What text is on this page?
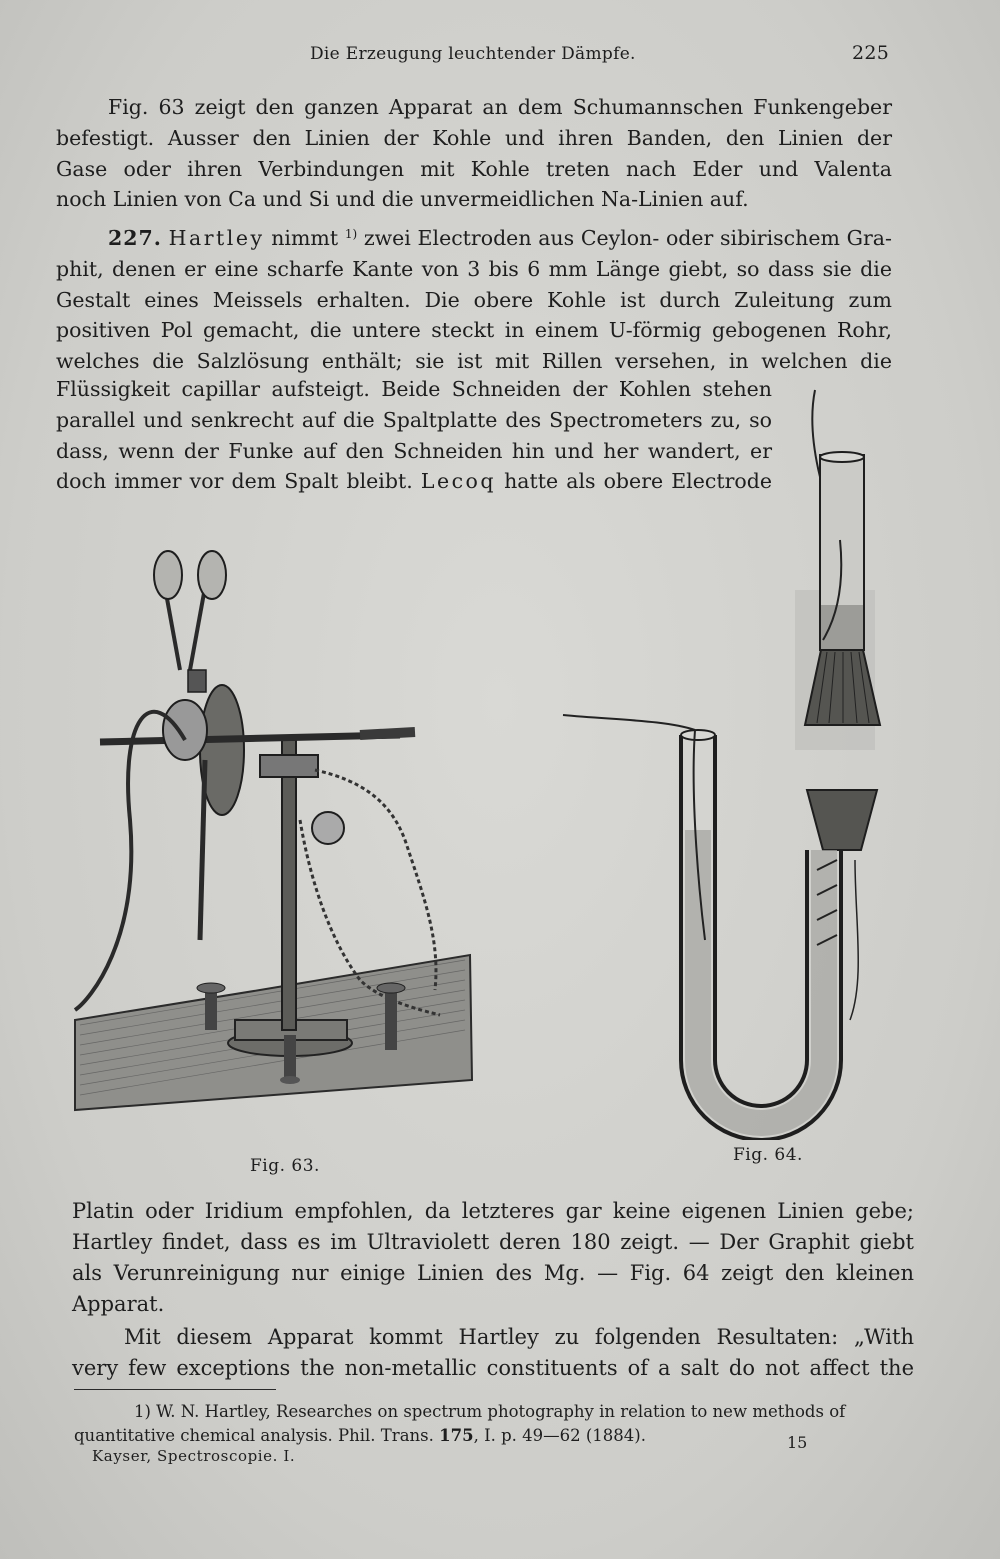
Die Erzeugung leuchtender Dämpfe.	225
Fig. 63 zeigt den ganzen Apparat an dem Schumannschen Funkengeber
befestigt. Ausser den Linien der Kohle und ihren Banden, den Linien der
Gase oder ihren Verbindungen mit Kohle treten nach Eder und Valenta
noch Linien von Ca und Si und die unvermeidlichen Na-Linien auf.
227. Hartley nimmt $^{1)}$ zwei Electroden aus Ceylon- oder sibirischem Gra-
phit, denen er eine scharfe Kante von 3 bis 6 mm Länge giebt, so dass sie die
Gestalt eines Meissels erhalten. Die obere Kohle ist durch Zuleitung zum
positiven Pol gemacht, die untere steckt in einem U-förmig gebogenen Rohr,
welches die Salzlösung enthält; sie ist mit Rillen versehen, in welchen die
Flüssigkeit capillar aufsteigt. Beide Schneiden der Kohlen stehen
parallel und senkrecht auf die Spaltplatte des Spectrometers zu, so
dass, wenn der Funke auf den Schneiden hin und her wandert, er
doch immer vor dem Spalt bleibt. Lecoq hatte als obere Electrode
Fig. 63.
Fig. 64.
Platin oder Iridium empfohlen, da letzteres gar keine eigenen Linien gebe;
Hartley findet, dass es im Ultraviolett deren 180 zeigt. — Der Graphit giebt
als Verunreinigung nur einige Linien des Mg. — Fig. 64 zeigt den kleinen
Apparat.
Mit diesem Apparat kommt Hartley zu folgenden Resultaten: „With
very few exceptions the non-metallic constituents of a salt do not affect the
1) W. N. Hartley, Researches on spectrum photography in relation to new methods of
quantitative chemical analysis. Phil. Trans. 175, I. p. 49—62 (1884).
Kayser, Spectroscopie. I.
15
